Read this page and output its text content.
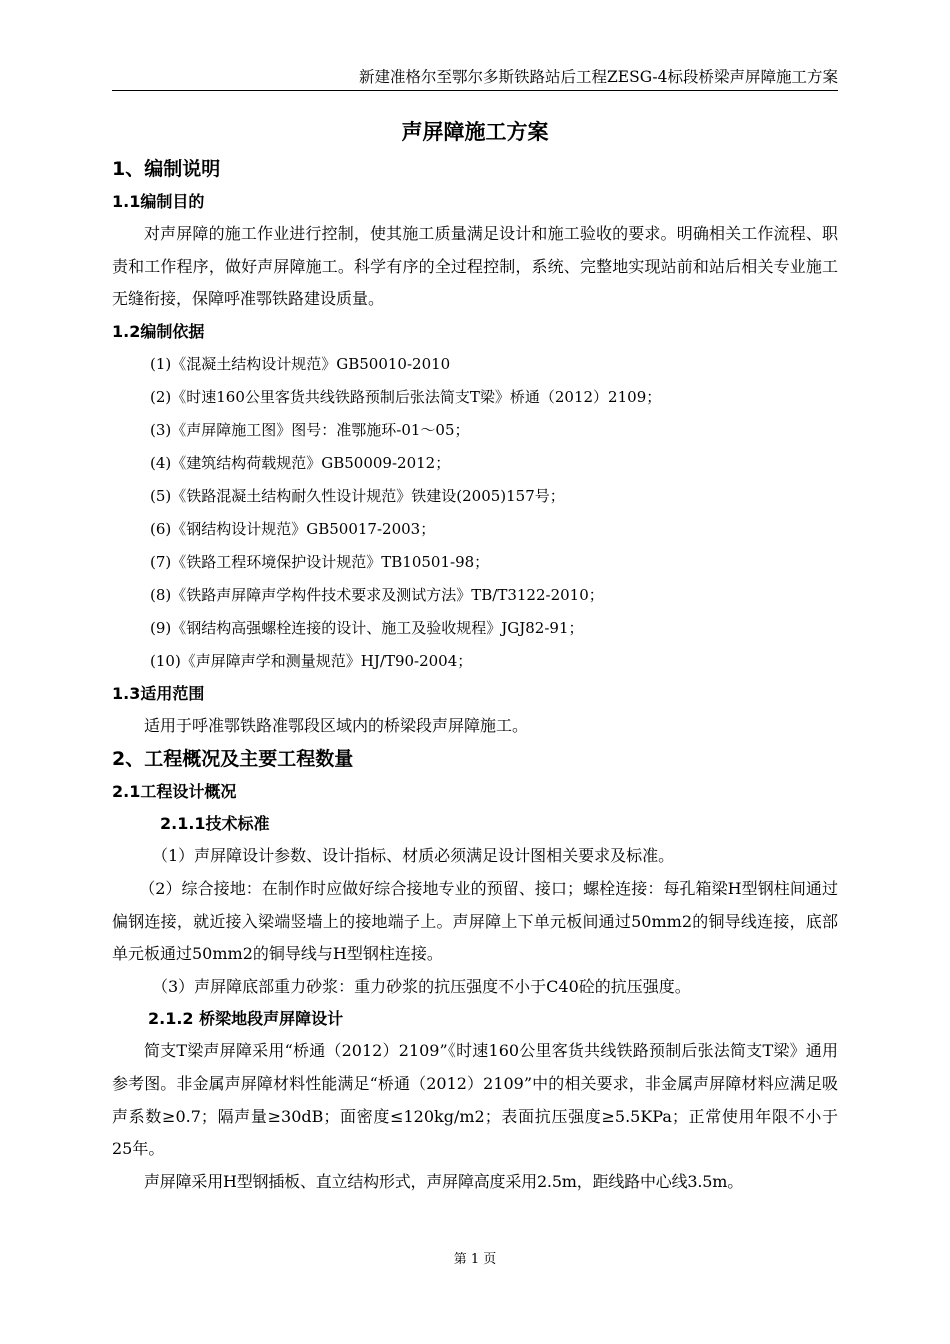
新建准格尔至鄂尔多斯铁路站后工程ZESG-4标段桥梁声屏障施工方案
声屏障施工方案
1、编制说明
1.1编制目的
对声屏障的施工作业进行控制，使其施工质量满足设计和施工验收的要求。明确相关工作流程、职责和工作程序，做好声屏障施工。科学有序的全过程控制，系统、完整地实现站前和站后相关专业施工无缝衔接，保障呼准鄂铁路建设质量。
1.2编制依据
(1)《混凝土结构设计规范》GB50010-2010
(2)《时速160公里客货共线铁路预制后张法简支T梁》桥通（2012）2109；
(3)《声屏障施工图》图号：准鄂施环-01～05；
(4)《建筑结构荷载规范》GB50009-2012；
(5)《铁路混凝土结构耐久性设计规范》铁建设(2005)157号；
(6)《钢结构设计规范》GB50017-2003；
(7)《铁路工程环境保护设计规范》TB10501-98；
(8)《铁路声屏障声学构件技术要求及测试方法》TB/T3122-2010；
(9)《钢结构高强螺栓连接的设计、施工及验收规程》JGJ82-91；
(10)《声屏障声学和测量规范》HJ/T90-2004；
1.3适用范围
适用于呼准鄂铁路准鄂段区域内的桥梁段声屏障施工。
2、工程概况及主要工程数量
2.1工程设计概况
2.1.1技术标准
（1）声屏障设计参数、设计指标、材质必须满足设计图相关要求及标准。
（2）综合接地：在制作时应做好综合接地专业的预留、接口；螺栓连接：每孔箱梁H型钢柱间通过偏钢连接，就近接入梁端竖墙上的接地端子上。声屏障上下单元板间通过50mm2的铜导线连接，底部单元板通过50mm2的铜导线与H型钢柱连接。
（3）声屏障底部重力砂浆：重力砂浆的抗压强度不小于C40砼的抗压强度。
2.1.2 桥梁地段声屏障设计
简支T梁声屏障采用“桥通（2012）2109”《时速160公里客货共线铁路预制后张法简支T梁》通用参考图。非金属声屏障材料性能满足“桥通（2012）2109”中的相关要求，非金属声屏障材料应满足吸声系数≥0.7；隔声量≥30dB；面密度≤120kg/m2；表面抗压强度≥5.5KPa；正常使用年限不小于25年。
声屏障采用H型钢插板、直立结构形式，声屏障高度采用2.5m，距线路中心线3.5m。
第 1 页
